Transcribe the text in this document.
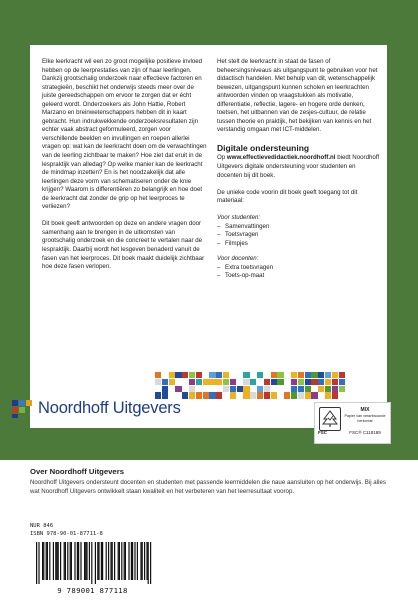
Elke leerkracht wil een zo groot mogelijke positieve invloed hebben op de leerprestaties van zijn of haar leerlingen. Dankzij grootschalig onderzoek naar effectieve factoren en strategieën, beschikt het onderwijs steeds meer over de juiste gereedschappen om ervoor te zorgen dat er écht geleerd wordt. Onderzoekers als John Hattie, Robert Marzano en breinwetenschappers hebben dit in kaart gebracht. Hun indrukwekkende onderzoeksresultaten zijn echter vaak abstract geformuleerd, zorgen voor verschillende beelden en invullingen en roepen allerlei vragen op: wat kan de leerkracht doen om de verwachtingen van de leerling zichtbaar te maken? Hoe ziet dat eruit in de lespraktijk van alledag? Op welke manier kan de leerkracht de mindmap inzetten? En is het noodzakelijk dat alle leerlingen deze vorm van schematiseren onder de knie krijgen? Waarom is differentiëren zo belangrijk en hoe doet de leerkracht dat zonder de grip op het leerproces te verliezen?

Dit boek geeft antwoorden op deze en andere vragen door samenhang aan te brengen in de uitkomsten van grootschalig onderzoek en die concreet te vertalen naar de lespraktijk. Daarbij wordt het lesgeven benaderd vanuit de fasen van het leerproces. Dit boek maakt duidelijk zichtbaar hoe deze fasen verlopen.

Het stelt de leerkracht in staat de fasen of beheersingsniveaus als uitgangspunt te gebruiken voor het didactisch handelen. Met behulp van dit, wetenschappelijk bewezen, uitgangspunt kunnen scholen en leerkrachten antwoorden vinden op vraagstukken als motivatie, differentiatie, reflectie, lagere- en hogere orde denken, toetsen, het uitbannen van de zesjes-cultuur, de relatie tussen theorie en praktijk, het bekijken van kennis en het verstandig omgaan met ICT-middelen.

Digitale ondersteuning

Op www.effectievedidactiek.noordhoff.nl biedt Noordhoff Uitgevers digitale ondersteuning voor studenten en docenten bij dit boek.

De unieke code voorin dit boek geeft toegang tot dit materiaal:

Voor studenten:
– Samenvattingen
– Toetsvragen
– Filmpjes
Voor docenten:
– Extra toetsvragen
– Toets-op-maat
Noordhoff Uitgevers
FSC
MIX
Papier van verantwoorde herkomst
FSC® C118189
Over Noordhoff Uitgevers

Noordhoff Uitgevers ondersteunt docenten en studenten met passende leermiddelen die naue aansluiten op het onderwijs. Bij alles wat Noordhoff Uitgevers ontwikkelt staan kwaliteit en het verbeteren van het leerresultaat voorop.

NUR 846
ISBN 978-90-01-87711-8
9 789001 877118
